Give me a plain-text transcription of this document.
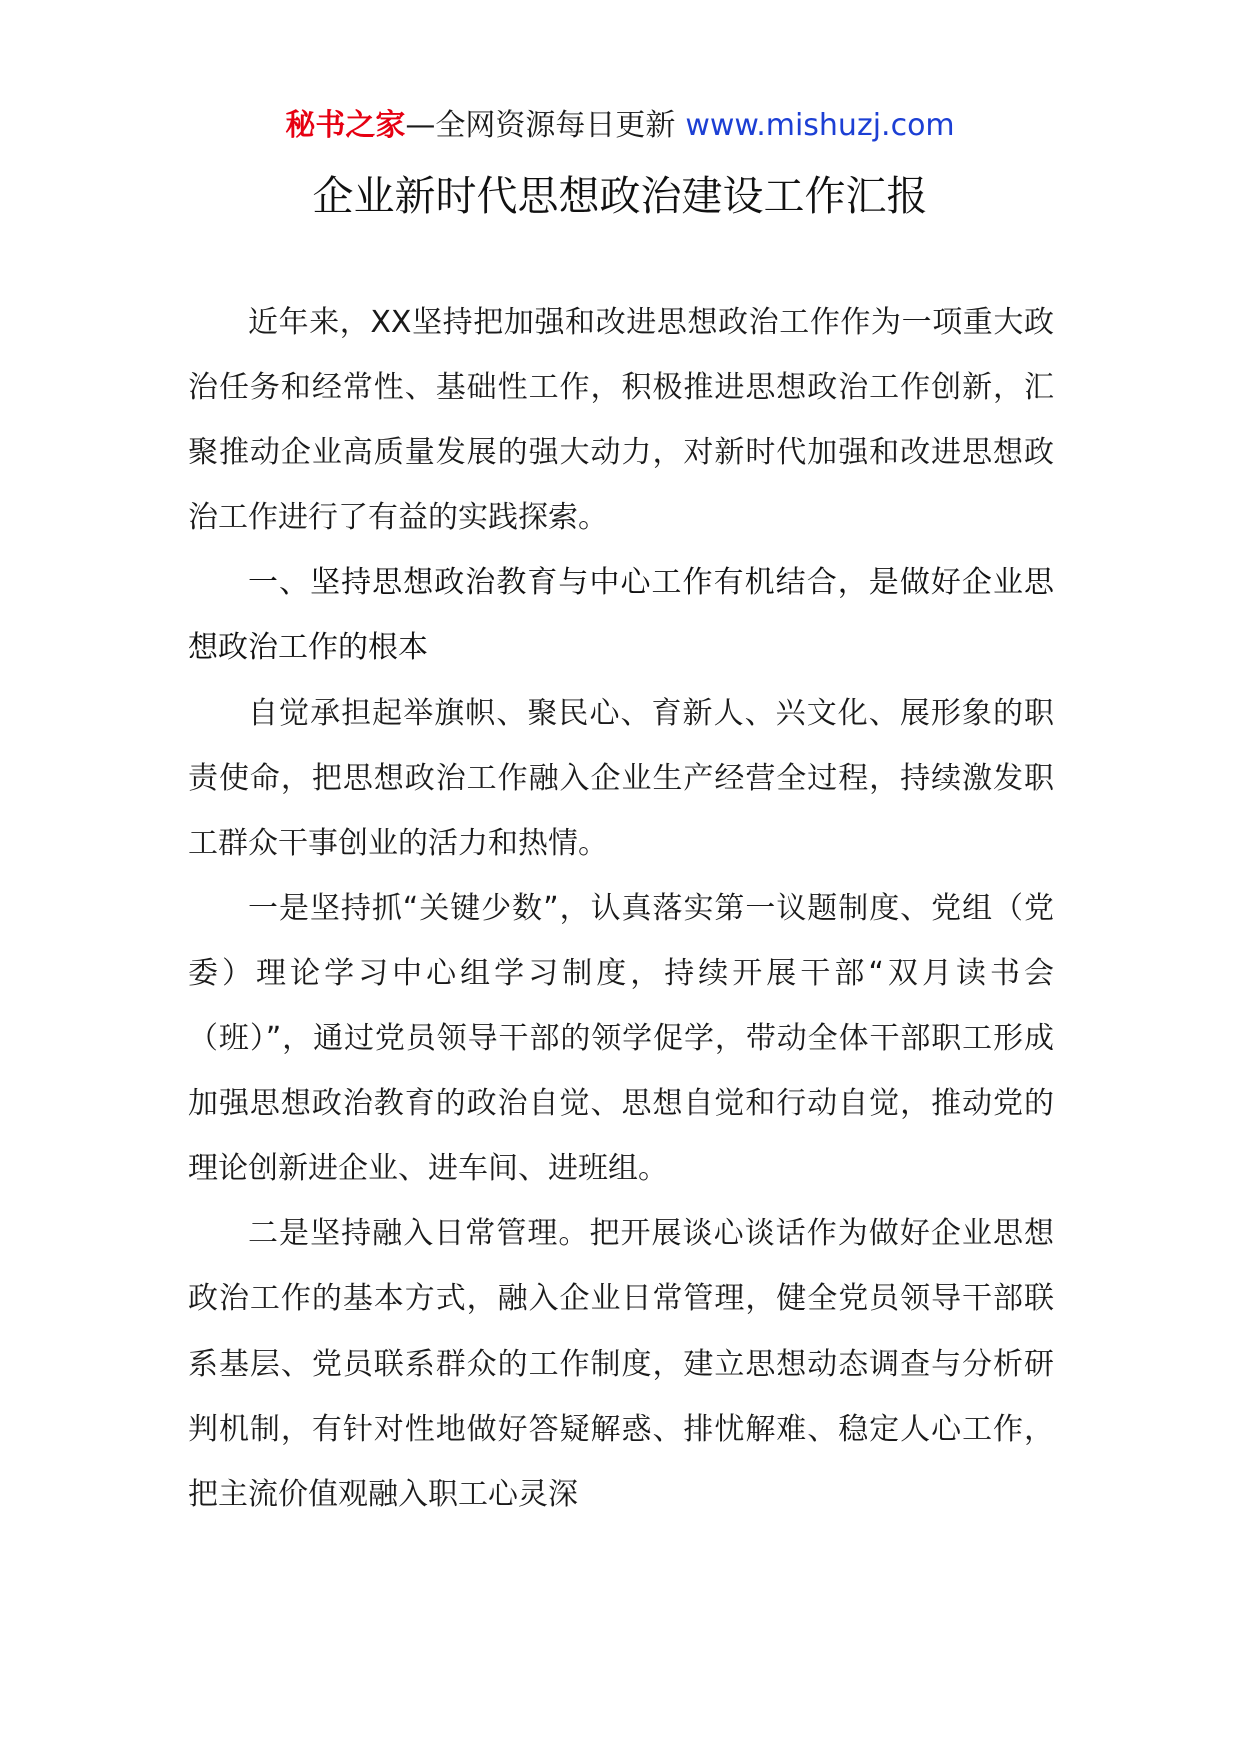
秘书之家—全网资源每日更新 www.mishuzj.com
企业新时代思想政治建设工作汇报

近年来，XX坚持把加强和改进思想政治工作作为一项重大政治任务和经常性、基础性工作，积极推进思想政治工作创新，汇聚推动企业高质量发展的强大动力，对新时代加强和改进思想政治工作进行了有益的实践探索。

一、坚持思想政治教育与中心工作有机结合，是做好企业思想政治工作的根本

自觉承担起举旗帜、聚民心、育新人、兴文化、展形象的职责使命，把思想政治工作融入企业生产经营全过程，持续激发职工群众干事创业的活力和热情。

一是坚持抓“关键少数”，认真落实第一议题制度、党组（党委）理论学习中心组学习制度，持续开展干部“双月读书会（班）”，通过党员领导干部的领学促学，带动全体干部职工形成加强思想政治教育的政治自觉、思想自觉和行动自觉，推动党的理论创新进企业、进车间、进班组。

二是坚持融入日常管理。把开展谈心谈话作为做好企业思想政治工作的基本方式，融入企业日常管理，健全党员领导干部联系基层、党员联系群众的工作制度，建立思想动态调查与分析研判机制，有针对性地做好答疑解惑、排忧解难、稳定人心工作，把主流价值观融入职工心灵深
